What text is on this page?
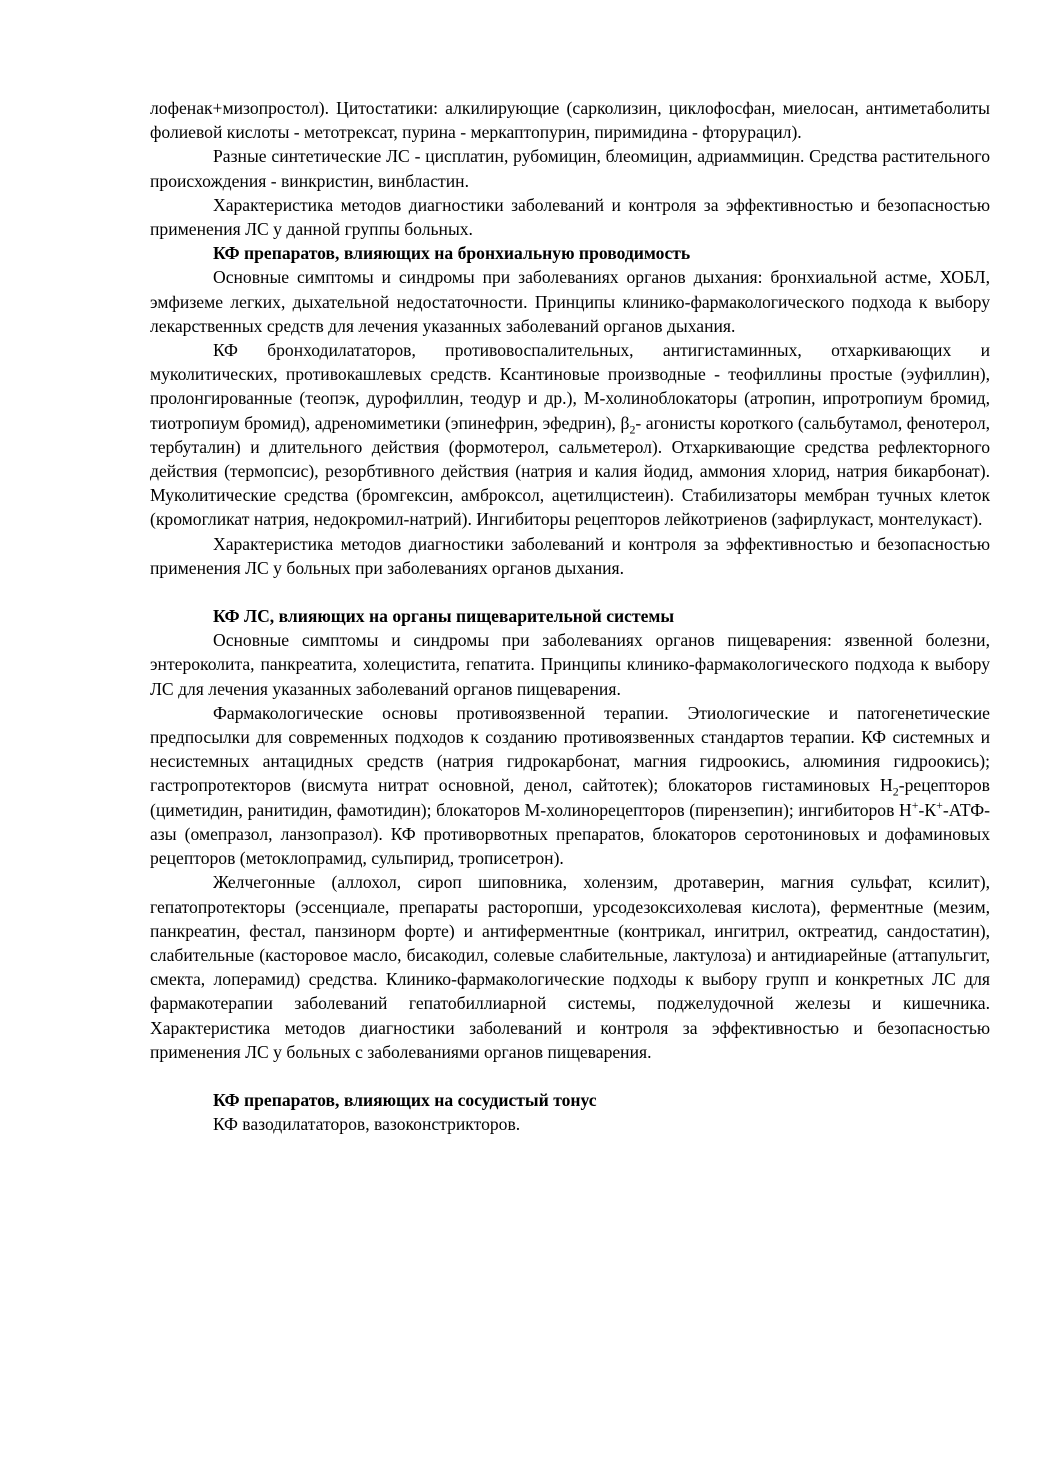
лофенак+мизопростол). Цитостатики: алкилирующие (сарколизин, циклофосфан, миелосан, антиметаболиты фолиевой кислоты - метотрексат, пурина - меркаптопурин, пиримидина - фторурацил).

Разные синтетические ЛС - цисплатин, рубомицин, блеомицин, адриаммицин. Средства растительного происхождения - винкристин, винбластин.

Характеристика методов диагностики заболеваний и контроля за эффективностью и безопасностью применения ЛС у данной группы больных.

КФ препаратов, влияющих на бронхиальную проводимость

Основные симптомы и синдромы при заболеваниях органов дыхания: бронхиальной астме, ХОБЛ, эмфиземе легких, дыхательной недостаточности. Принципы клинико-фармакологического подхода к выбору лекарственных средств для лечения указанных заболеваний органов дыхания.

КФ бронходилататоров, противовоспалительных, антигистаминных, отхаркивающих и муколитических, противокашлевых средств. Ксантиновые производные - теофиллины простые (эуфиллин), пролонгированные (теопэк, дурофиллин, теодур и др.), М-холиноблокаторы (атропин, ипротропиум бромид, тиотропиум бромид), адреномиметики (эпинефрин, эфедрин), $\beta_2-$ агонисты короткого (сальбутамол, фенотерол, тербуталин) и длительного действия (формотерол, сальметерол). Отхаркивающие средства рефлекторного действия (термопсис), резорбтивного действия (натрия и калия йодид, аммония хлорид, натрия бикарбонат). Муколитические средства (бромгексин, амброксол, ацетилцистеин). Стабилизаторы мембран тучных клеток (кромогликат натрия, недокромил-натрий). Ингибиторы рецепторов лейкотриенов (зафирлукаст, монтелукаст).

Характеристика методов диагностики заболеваний и контроля за эффективностью и безопасностью применения ЛС у больных при заболеваниях органов дыхания.

КФ ЛС, влияющих на органы пищеварительной системы

Основные симптомы и синдромы при заболеваниях органов пищеварения: язвенной болезни, энтероколита, панкреатита, холецистита, гепатита. Принципы клинико-фармакологического подхода к выбору ЛС для лечения указанных заболеваний органов пищеварения.

Фармакологические основы противоязвенной терапии. Этиологические и патогенетические предпосылки для современных подходов к созданию противоязвенных стандартов терапии. КФ системных и несистемных антацидных средств (натрия гидрокарбонат, магния гидроокись, алюминия гидроокись); гастропротекторов (висмута нитрат основной, денол, сайтотек); блокаторов гистаминовых $Н_2$-рецепторов (циметидин, ранитидин, фамотидин); блокаторов М-холинорецепторов (пирензепин); ингибиторов Н+-К+-АТФ-азы (омепразол, ланзопразол). КФ противорвотных препаратов, блокаторов серотониновых и дофаминовых рецепторов (метоклопрамид, сульпирид, трописетрон).

Желчегонные (аллохол, сироп шиповника, холензим, дротаверин, магния сульфат, ксилит), гепатопротекторы (эссенциале, препараты расторопши, урсодезоксихолевая кислота), ферментные (мезим, панкреатин, фестал, панзинорм форте) и антиферментные (контрикал, ингитрил, октреатид, сандостатин), слабительные (касторовое масло, бисакодил, солевые слабительные, лактулоза) и антидиарейные (аттапульгит, смекта, лоперамид) средства. Клинико-фармакологические подходы к выбору групп и конкретных ЛС для фармакотерапии заболеваний гепатобиллиарной системы, поджелудочной железы и кишечника. Характеристика методов диагностики заболеваний и контроля за эффективностью и безопасностью применения ЛС у больных с заболеваниями органов пищеварения.

КФ препаратов, влияющих на сосудистый тонус

КФ вазодилататоров, вазоконстрикторов.
